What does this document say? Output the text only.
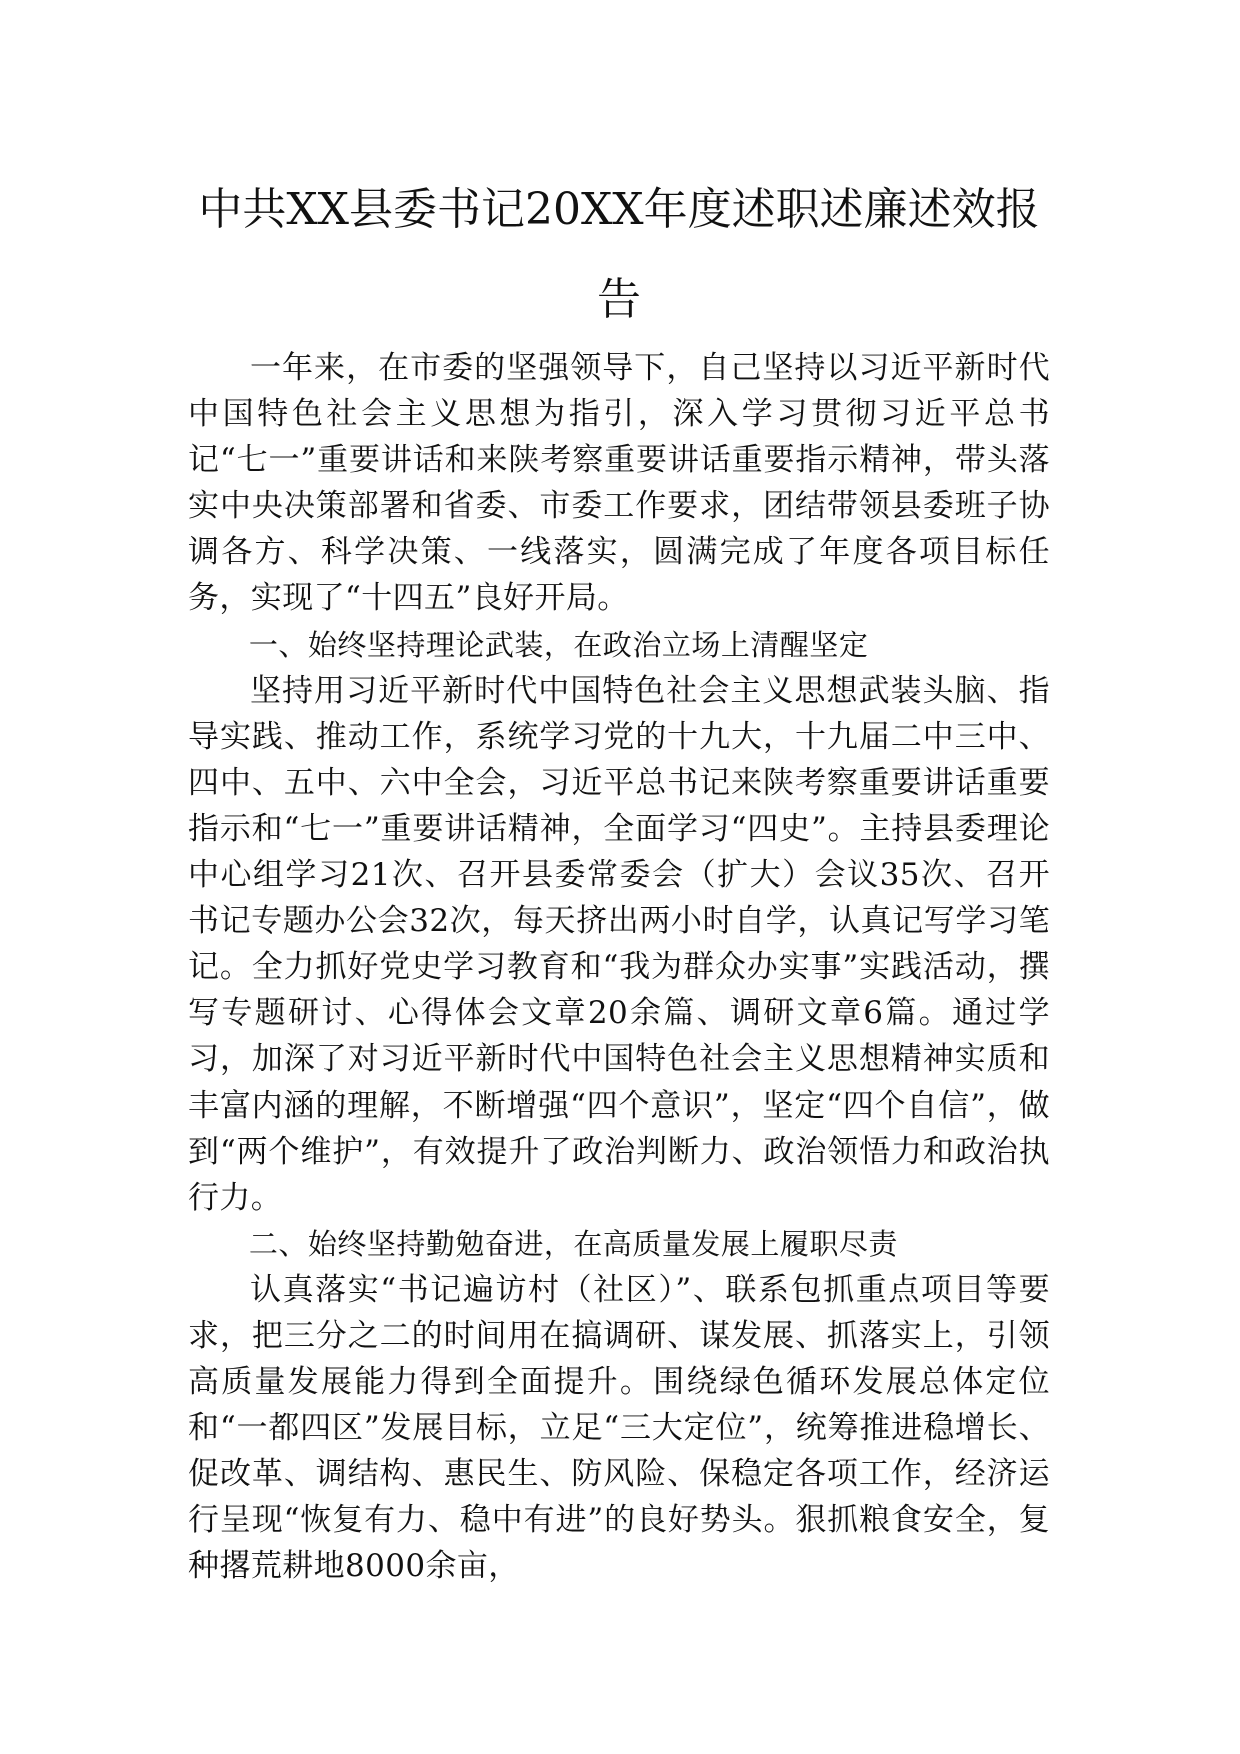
中共XX县委书记20XX年度述职述廉述效报告

一年来，在市委的坚强领导下，自己坚持以习近平新时代中国特色社会主义思想为指引，深入学习贯彻习近平总书记“七一”重要讲话和来陕考察重要讲话重要指示精神，带头落实中央决策部署和省委、市委工作要求，团结带领县委班子协调各方、科学决策、一线落实，圆满完成了年度各项目标任务，实现了“十四五”良好开局。

一、始终坚持理论武装，在政治立场上清醒坚定

坚持用习近平新时代中国特色社会主义思想武装头脑、指导实践、推动工作，系统学习党的十九大，十九届二中三中、四中、五中、六中全会，习近平总书记来陕考察重要讲话重要指示和“七一”重要讲话精神，全面学习“四史”。主持县委理论中心组学习21次、召开县委常委会（扩大）会议35次、召开书记专题办公会32次，每天挤出两小时自学，认真记写学习笔记。全力抓好党史学习教育和“我为群众办实事”实践活动，撰写专题研讨、心得体会文章20余篇、调研文章6篇。通过学习，加深了对习近平新时代中国特色社会主义思想精神实质和丰富内涵的理解，不断增强“四个意识”，坚定“四个自信”，做到“两个维护”，有效提升了政治判断力、政治领悟力和政治执行力。

二、始终坚持勤勉奋进，在高质量发展上履职尽责

认真落实“书记遍访村（社区）”、联系包抓重点项目等要求，把三分之二的时间用在搞调研、谋发展、抓落实上，引领高质量发展能力得到全面提升。围绕绿色循环发展总体定位和“一都四区”发展目标，立足“三大定位”，统筹推进稳增长、促改革、调结构、惠民生、防风险、保稳定各项工作，经济运行呈现“恢复有力、稳中有进”的良好势头。狠抓粮食安全，复种撂荒耕地8000余亩，
